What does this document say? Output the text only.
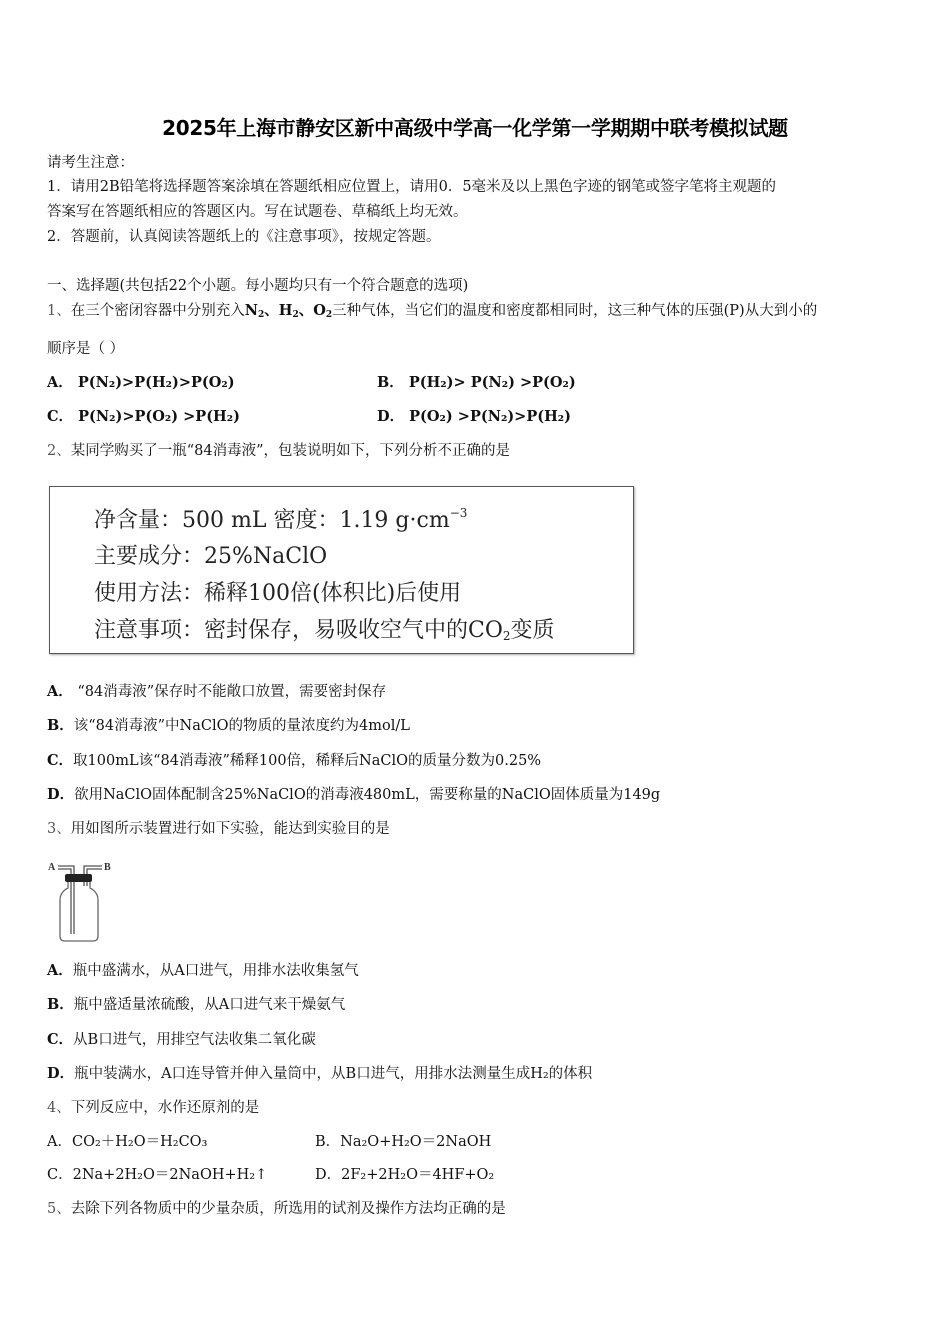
2025年上海市静安区新中高级中学高一化学第一学期期中联考模拟试题
请考生注意：
1．请用2B铅笔将选择题答案涂填在答题纸相应位置上，请用0．5毫米及以上黑色字迹的钢笔或签字笔将主观题的
答案写在答题纸相应的答题区内。写在试题卷、草稿纸上均无效。
2．答题前，认真阅读答题纸上的《注意事项》，按规定答题。
一、选择题(共包括22个小题。每小题均只有一个符合题意的选项)
1、在三个密闭容器中分别充入$N_2$、$H_2$、$O_2$三种气体，当它们的温度和密度都相同时，这三种气体的压强(P)从大到小的
顺序是（ ）
A． P(N₂)>P(H₂)>P(O₂)	B． P(H₂)> P(N₂) >P(O₂)
C． P(N₂)>P(O₂) >P(H₂)	D． P(O₂) >P(N₂)>P(H₂)
2、某同学购买了一瓶“84消毒液”，包装说明如下，下列分析不正确的是
净含量：500 mL 密度：1.19 $g\cdot cm^{-3}$
主要成分：25%NaClO
使用方法：稀释100倍(体积比)后使用
注意事项：密封保存，易吸收空气中的$CO_2$变质
A． “84消毒液”保存时不能敞口放置，需要密封保存
B．该“84消毒液”中NaClO的物质的量浓度约为4mol/L
C．取100mL该“84消毒液”稀释100倍，稀释后NaClO的质量分数为0.25%
D．欲用NaClO固体配制含25%NaClO的消毒液480mL，需要称量的NaClO固体质量为149g
3、用如图所示装置进行如下实验，能达到实验目的是
A	B
A．瓶中盛满水，从A口进气，用排水法收集氢气
B．瓶中盛适量浓硫酸，从A口进气来干燥氨气
C．从B口进气，用排空气法收集二氧化碳
D．瓶中装满水，A口连导管并伸入量筒中，从B口进气，用排水法测量生成H₂的体积
4、下列反应中，水作还原剂的是
A．CO₂＋H₂O＝H₂CO₃	B．Na₂O+H₂O＝2NaOH
C．2Na+2H₂O＝2NaOH+H₂↑	D．2F₂+2H₂O＝4HF+O₂
5、去除下列各物质中的少量杂质，所选用的试剂及操作方法均正确的是
